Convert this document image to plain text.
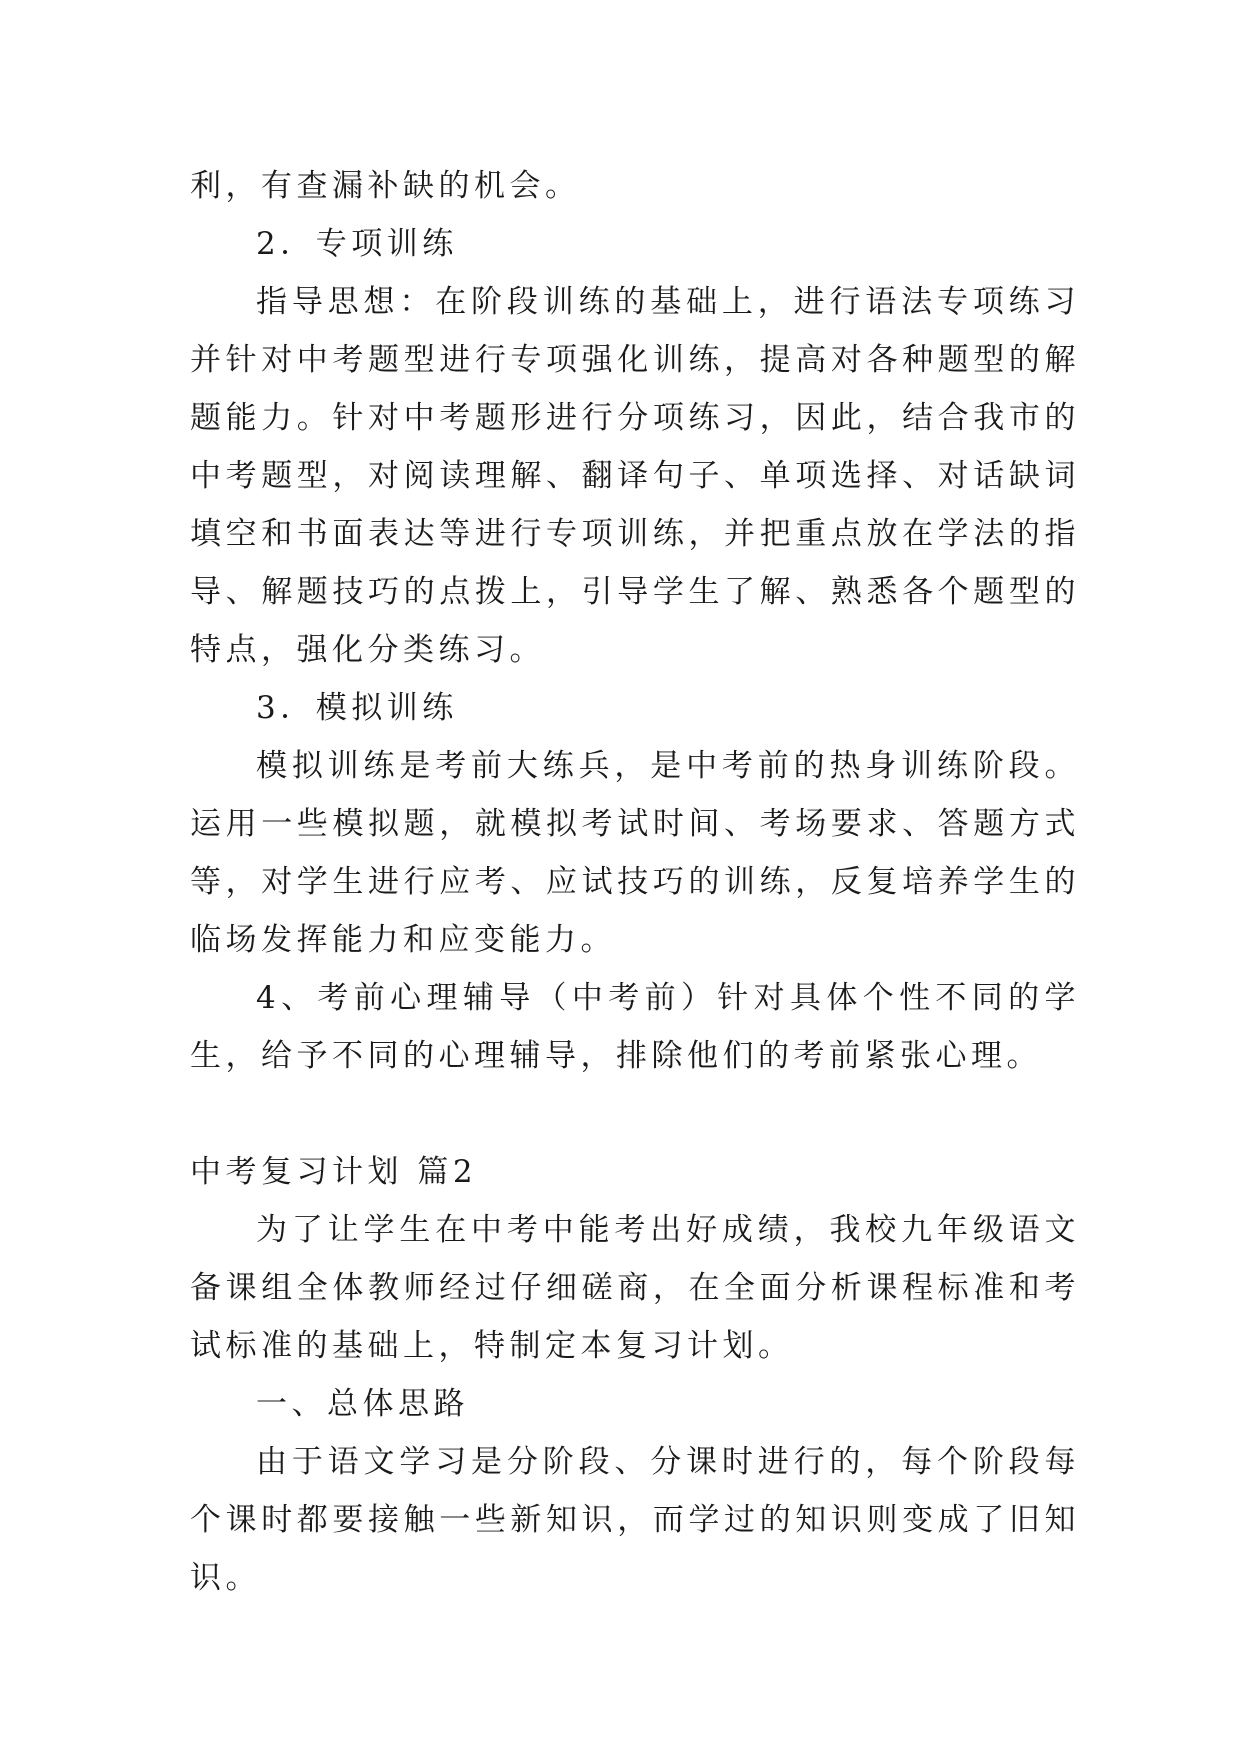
利，有查漏补缺的机会。

2．专项训练

指导思想：在阶段训练的基础上，进行语法专项练习并针对中考题型进行专项强化训练，提高对各种题型的解题能力。针对中考题形进行分项练习，因此，结合我市的中考题型，对阅读理解、翻译句子、单项选择、对话缺词填空和书面表达等进行专项训练，并把重点放在学法的指导、解题技巧的点拨上，引导学生了解、熟悉各个题型的特点，强化分类练习。

3．模拟训练

模拟训练是考前大练兵，是中考前的热身训练阶段。运用一些模拟题，就模拟考试时间、考场要求、答题方式等，对学生进行应考、应试技巧的训练，反复培养学生的临场发挥能力和应变能力。

4、考前心理辅导（中考前）针对具体个性不同的学生，给予不同的心理辅导，排除他们的考前紧张心理。

中考复习计划 篇2

为了让学生在中考中能考出好成绩，我校九年级语文备课组全体教师经过仔细磋商，在全面分析课程标准和考试标准的基础上，特制定本复习计划。

一、总体思路

由于语文学习是分阶段、分课时进行的，每个阶段每个课时都要接触一些新知识，而学过的知识则变成了旧知识。
